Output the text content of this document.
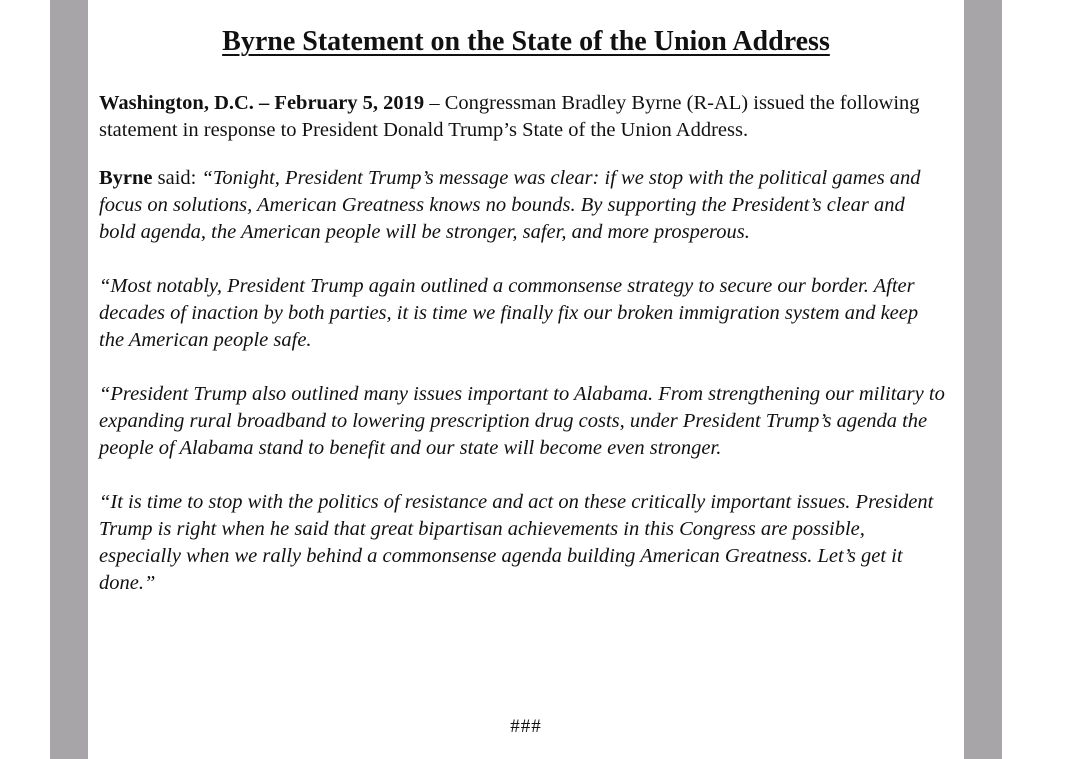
Byrne Statement on the State of the Union Address

Washington, D.C. – February 5, 2019 – Congressman Bradley Byrne (R-AL) issued the following statement in response to President Donald Trump’s State of the Union Address.

Byrne said: “Tonight, President Trump’s message was clear: if we stop with the political games and focus on solutions, American Greatness knows no bounds. By supporting the President’s clear and bold agenda, the American people will be stronger, safer, and more prosperous.

“Most notably, President Trump again outlined a commonsense strategy to secure our border. After decades of inaction by both parties, it is time we finally fix our broken immigration system and keep the American people safe.

“President Trump also outlined many issues important to Alabama. From strengthening our military to expanding rural broadband to lowering prescription drug costs, under President Trump’s agenda the people of Alabama stand to benefit and our state will become even stronger.

“It is time to stop with the politics of resistance and act on these critically important issues. President Trump is right when he said that great bipartisan achievements in this Congress are possible, especially when we rally behind a commonsense agenda building American Greatness. Let’s get it done.”

###
